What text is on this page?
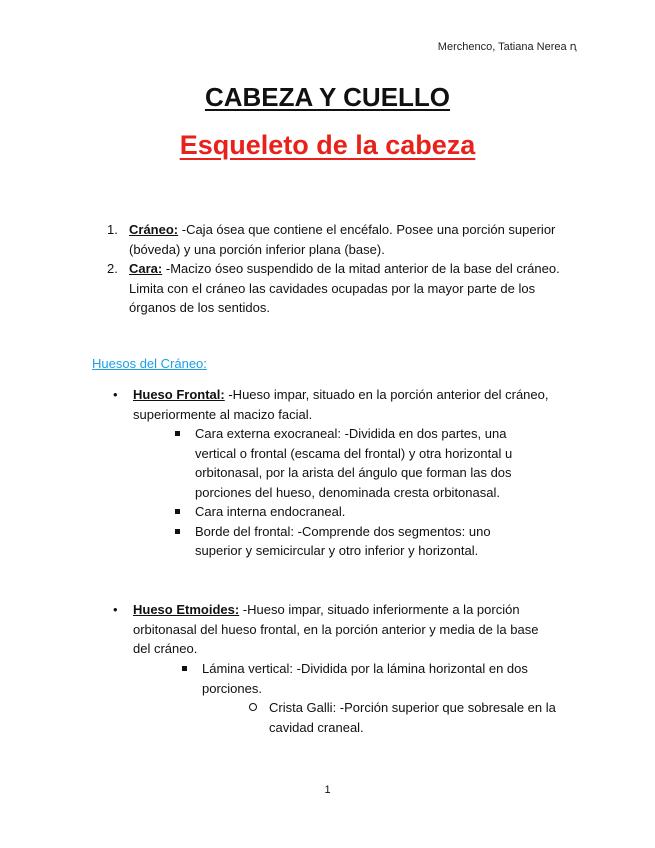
Merchenco, Tatiana Nerea ꞑ
CABEZA Y CUELLO
Esqueleto de la cabeza
1. Cráneo: -Caja ósea que contiene el encéfalo. Posee una porción superior (bóveda) y una porción inferior plana (base).
2. Cara: -Macizo óseo suspendido de la mitad anterior de la base del cráneo. Limita con el cráneo las cavidades ocupadas por la mayor parte de los órganos de los sentidos.
Huesos del Cráneo:
• Hueso Frontal: -Hueso impar, situado en la porción anterior del cráneo, superiormente al macizo facial.
Cara externa exocraneal: -Dividida en dos partes, una vertical o frontal (escama del frontal) y otra horizontal u orbitonasal, por la arista del ángulo que forman las dos porciones del hueso, denominada cresta orbitonasal.
Cara interna endocraneal.
Borde del frontal: -Comprende dos segmentos: uno superior y semicircular y otro inferior y horizontal.
• Hueso Etmoides: -Hueso impar, situado inferiormente a la porción orbitonasal del hueso frontal, en la porción anterior y media de la base del cráneo.
Lámina vertical: -Dividida por la lámina horizontal en dos porciones.
Crista Galli: -Porción superior que sobresale en la cavidad craneal.
1
